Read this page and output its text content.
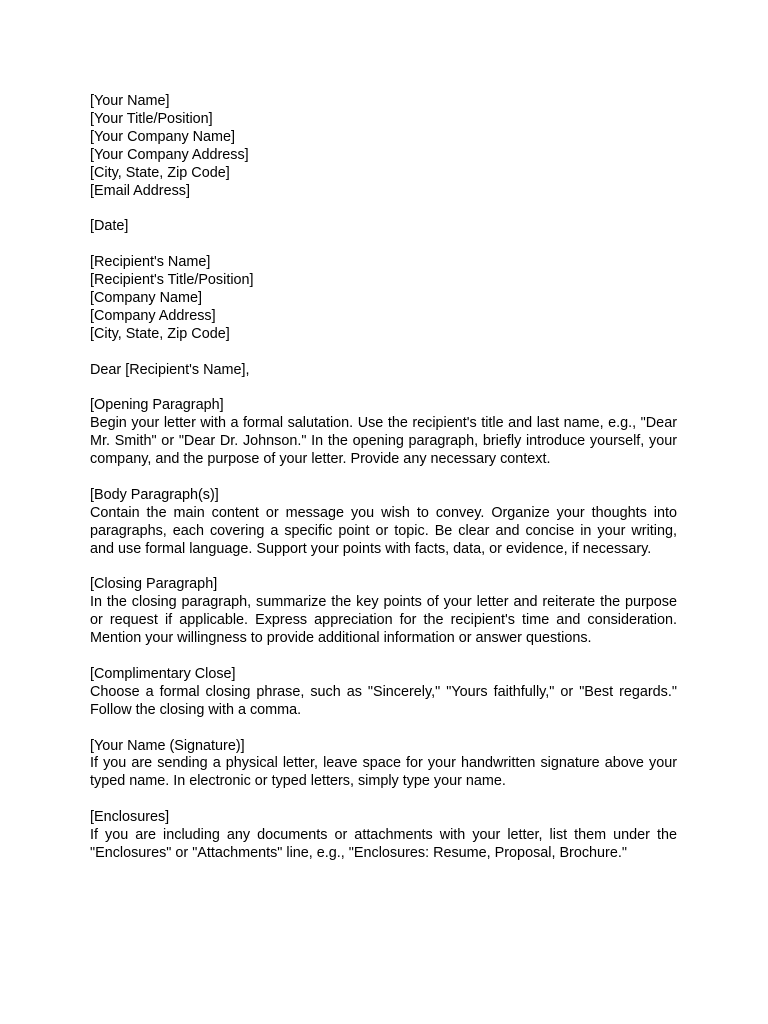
[Your Name]
[Your Title/Position]
[Your Company Name]
[Your Company Address]
[City, State, Zip Code]
[Email Address]
[Date]
[Recipient's Name]
[Recipient's Title/Position]
[Company Name]
[Company Address]
[City, State, Zip Code]
Dear [Recipient's Name],
[Opening Paragraph]
Begin your letter with a formal salutation. Use the recipient's title and last name, e.g., "Dear Mr. Smith" or "Dear Dr. Johnson." In the opening paragraph, briefly introduce yourself, your company, and the purpose of your letter. Provide any necessary context.
[Body Paragraph(s)]
Contain the main content or message you wish to convey. Organize your thoughts into paragraphs, each covering a specific point or topic. Be clear and concise in your writing, and use formal language. Support your points with facts, data, or evidence, if necessary.
[Closing Paragraph]
In the closing paragraph, summarize the key points of your letter and reiterate the purpose or request if applicable. Express appreciation for the recipient's time and consideration. Mention your willingness to provide additional information or answer questions.
[Complimentary Close]
Choose a formal closing phrase, such as "Sincerely," "Yours faithfully," or "Best regards." Follow the closing with a comma.
[Your Name (Signature)]
If you are sending a physical letter, leave space for your handwritten signature above your typed name. In electronic or typed letters, simply type your name.
[Enclosures]
If you are including any documents or attachments with your letter, list them under the "Enclosures" or "Attachments" line, e.g., "Enclosures: Resume, Proposal, Brochure."
